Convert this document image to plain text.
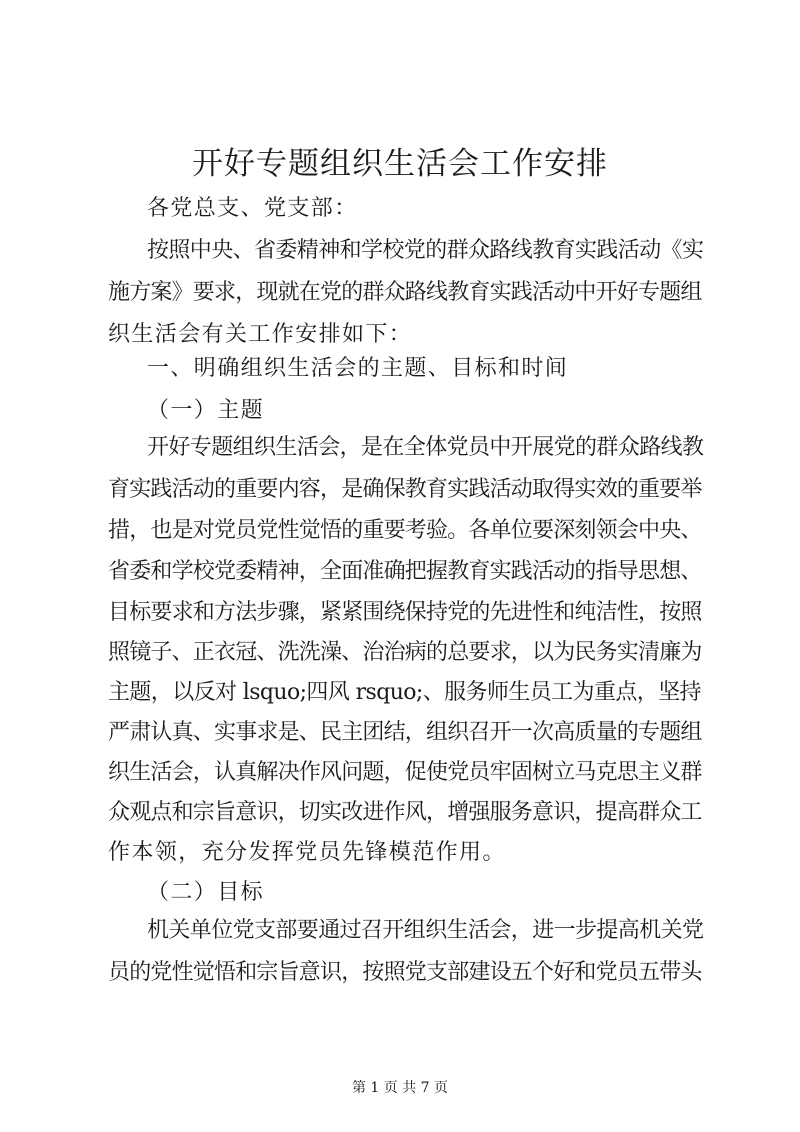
开好专题组织生活会工作安排

各党总支、党支部：

按照中央、省委精神和学校党的群众路线教育实践活动《实

施方案》要求，现就在党的群众路线教育实践活动中开好专题组

织生活会有关工作安排如下：

一、明确组织生活会的主题、目标和时间

（一）主题

开好专题组织生活会，是在全体党员中开展党的群众路线教

育实践活动的重要内容，是确保教育实践活动取得实效的重要举

措，也是对党员党性觉悟的重要考验。各单位要深刻领会中央、

省委和学校党委精神，全面准确把握教育实践活动的指导思想、

目标要求和方法步骤，紧紧围绕保持党的先进性和纯洁性，按照

照镜子、正衣冠、洗洗澡、治治病的总要求，以为民务实清廉为

主题，以反对 lsquo;四风 rsquo;、服务师生员工为重点，坚持

严肃认真、实事求是、民主团结，组织召开一次高质量的专题组

织生活会，认真解决作风问题，促使党员牢固树立马克思主义群

众观点和宗旨意识，切实改进作风，增强服务意识，提高群众工

作本领，充分发挥党员先锋模范作用。

（二）目标

机关单位党支部要通过召开组织生活会，进一步提高机关党

员的党性觉悟和宗旨意识，按照党支部建设五个好和党员五带头

第 1 页 共 7 页
